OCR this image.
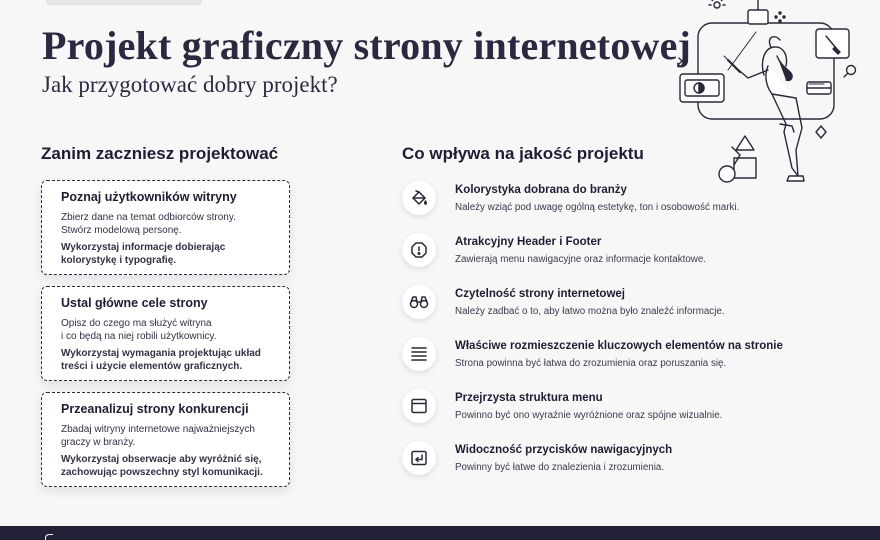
Projekt graficzny strony internetowej
Jak przygotować dobry projekt?
Zanim zaczniesz projektować
Poznaj użytkowników witryny
Zbierz dane na temat odbiorców strony.
Stwórz modelową personę.
Wykorzystaj informacje dobierając
kolorystykę i typografię.
Ustal główne cele strony
Opisz do czego ma służyć witryna
i co będą na niej robili użytkownicy.
Wykorzystaj wymagania projektując układ
treści i użycie elementów graficznych.
Przeanalizuj strony konkurencji
Zbadaj witryny internetowe najważniejszych
graczy w branży.
Wykorzystaj obserwacje aby wyróżnić się,
zachowując powszechny styl komunikacji.
Co wpływa na jakość projektu
Kolorystyka dobrana do branży
Należy wziąć pod uwagę ogólną estetykę, ton i osobowość marki.
Atrakcyjny Header i Footer
Zawierają menu nawigacyjne oraz informacje kontaktowe.
Czytelność strony internetowej
Należy zadbać o to, aby łatwo można było znaleźć informacje.
Właściwe rozmieszczenie kluczowych elementów na stronie
Strona powinna być łatwa do zrozumienia oraz poruszania się.
Przejrzysta struktura menu
Powinno być ono wyraźnie wyróżnione oraz spójne wizualnie.
Widoczność przycisków nawigacyjnych
Powinny być łatwe do znalezienia i zrozumienia.
